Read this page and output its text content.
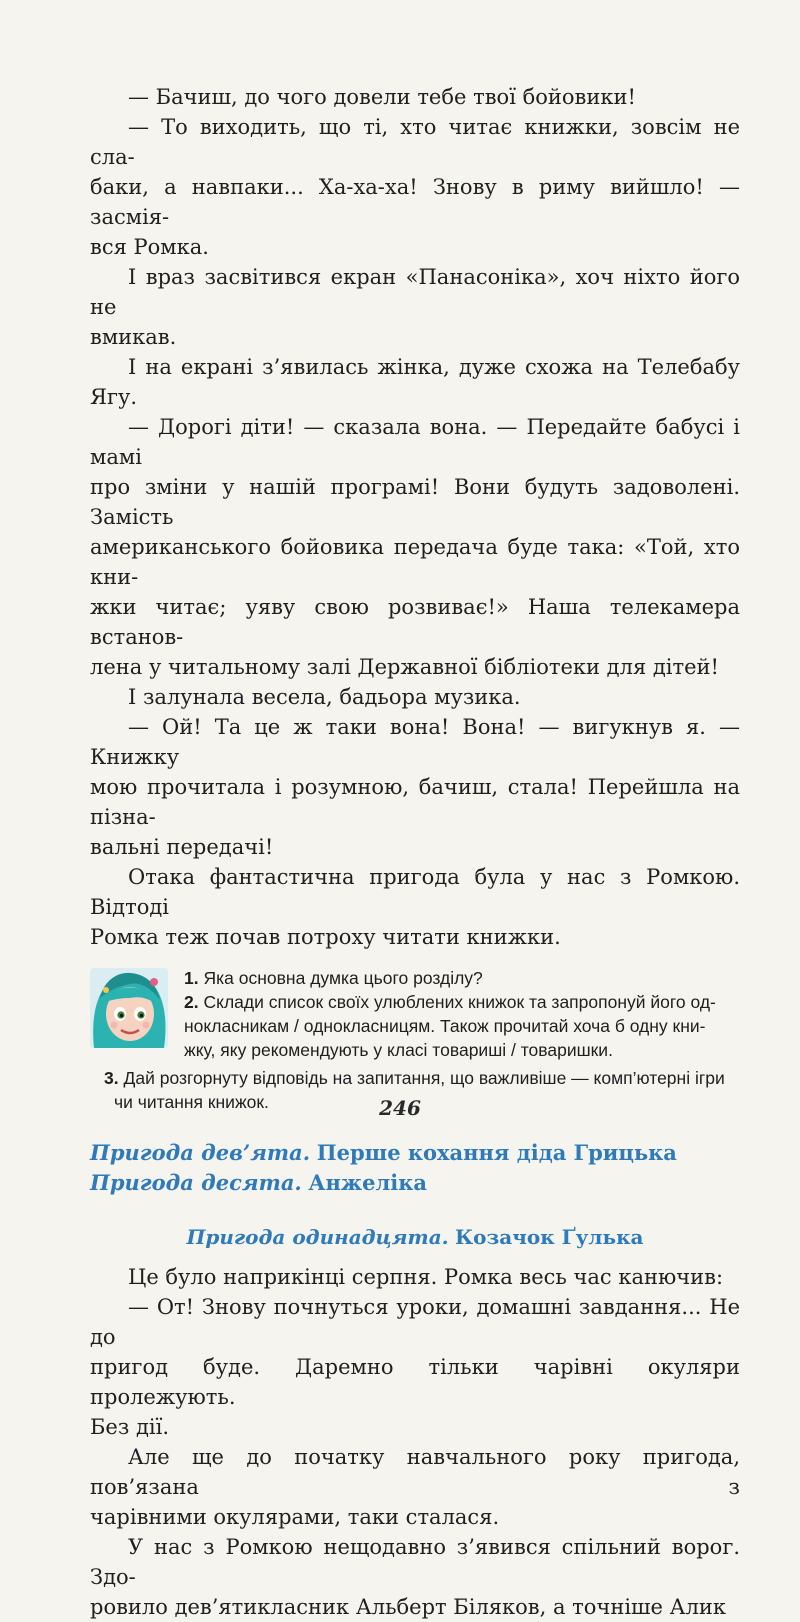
— Бачиш, до чого довели тебе твої бойовики!

— То виходить, що ті, хто читає книжки, зовсім не сла-
баки, а навпаки... Ха-ха-ха! Знову в риму вийшло! — засмія-
вся Ромка.

І враз засвітився екран «Панасоніка», хоч ніхто його не
вмикав.

І на екрані з’явилась жінка, дуже схожа на Телебабу Ягу.

— Дорогі діти! — сказала вона. — Передайте бабусі і мамі
про зміни у нашій програмі! Вони будуть задоволені. Замість
американського бойовика передача буде така: «Той, хто кни-
жки читає; уяву свою розвиває!» Наша телекамера встанов-
лена у читальному залі Державної бібліотеки для дітей!

І залунала весела, бадьора музика.

— Ой! Та це ж таки вона! Вона! — вигукнув я. — Книжку
мою прочитала і розумною, бачиш, стала! Перейшла на пізна-
вальні передачі!

Отака фантастична пригода була у нас з Ромкою. Відтоді
Ромка теж почав потроху читати книжки.

1. Яка основна думка цього розділу?

2. Склади список своїх улюблених книжок та запропонуй його од-
нокласникам / однокласницям. Також прочитай хоча б одну кни-
жку, яку рекомендують у класі товариші / товаришки.

3. Дай розгорнуту відповідь на запитання, що важливіше — комп’ютерні ігри
чи читання книжок.

Пригода дев’ята. Перше кохання діда Грицька

Пригода десята. Анжеліка

Пригода одинадцята. Козачок Ґулька

Це було наприкінці серпня. Ромка весь час канючив:

— От! Знову почнуться уроки, домашні завдання... Не до
пригод буде. Даремно тільки чарівні окуляри пролежують.
Без дії.

Але ще до початку навчального року пригода, пов’язана з
чарівними окулярами, таки сталася.

У нас з Ромкою нещодавно з’явився спільний ворог. Здо-
ровило дев’ятикласник Альберт Біляков, а точніше Алик

246
